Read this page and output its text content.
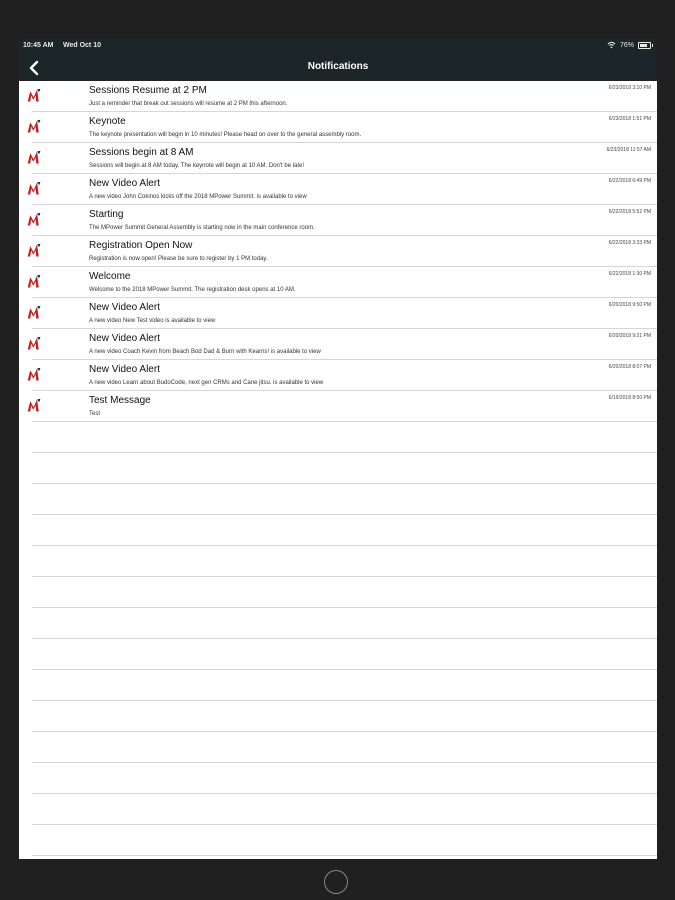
10:45 AM Wed Oct 10	76%
Notifications
Sessions Resume at 2 PM
Just a reminder that break out sessions will resume at 2 PM this afternoon.
6/23/2018 3:10 PM
Keynote
The keynote presentation will begin in 10 minutes! Please head on over to the general assembly room.
6/23/2018 1:51 PM
Sessions begin at 8 AM
Sessions will begin at 8 AM today. The keynote will begin at 10 AM. Don't be late!
6/23/2018 11:57 AM
New Video Alert
A new video John Cokinos kicks off the 2018 MPower Summit. is available to view
6/22/2018 6:49 PM
Starting
The MPower Summit General Assembly is starting now in the main conference room.
6/22/2018 5:52 PM
Registration Open Now
Registration is now open! Please be sure to register by 1 PM today.
6/22/2018 3:33 PM
Welcome
Welcome to the 2018 MPower Summit. The registration desk opens at 10 AM.
6/22/2018 1:30 PM
New Video Alert
A new video New Test video is available to view
6/20/2018 9:50 PM
New Video Alert
A new video Coach Kevin from Beach Bod Dad & Burn with Kearns! is available to view
6/20/2018 9:21 PM
New Video Alert
A new video Learn about BudoCode, next gen CRMs and Cane jitsu. is available to view
6/20/2018 8:07 PM
Test Message
Test
6/19/2018 8:50 PM
